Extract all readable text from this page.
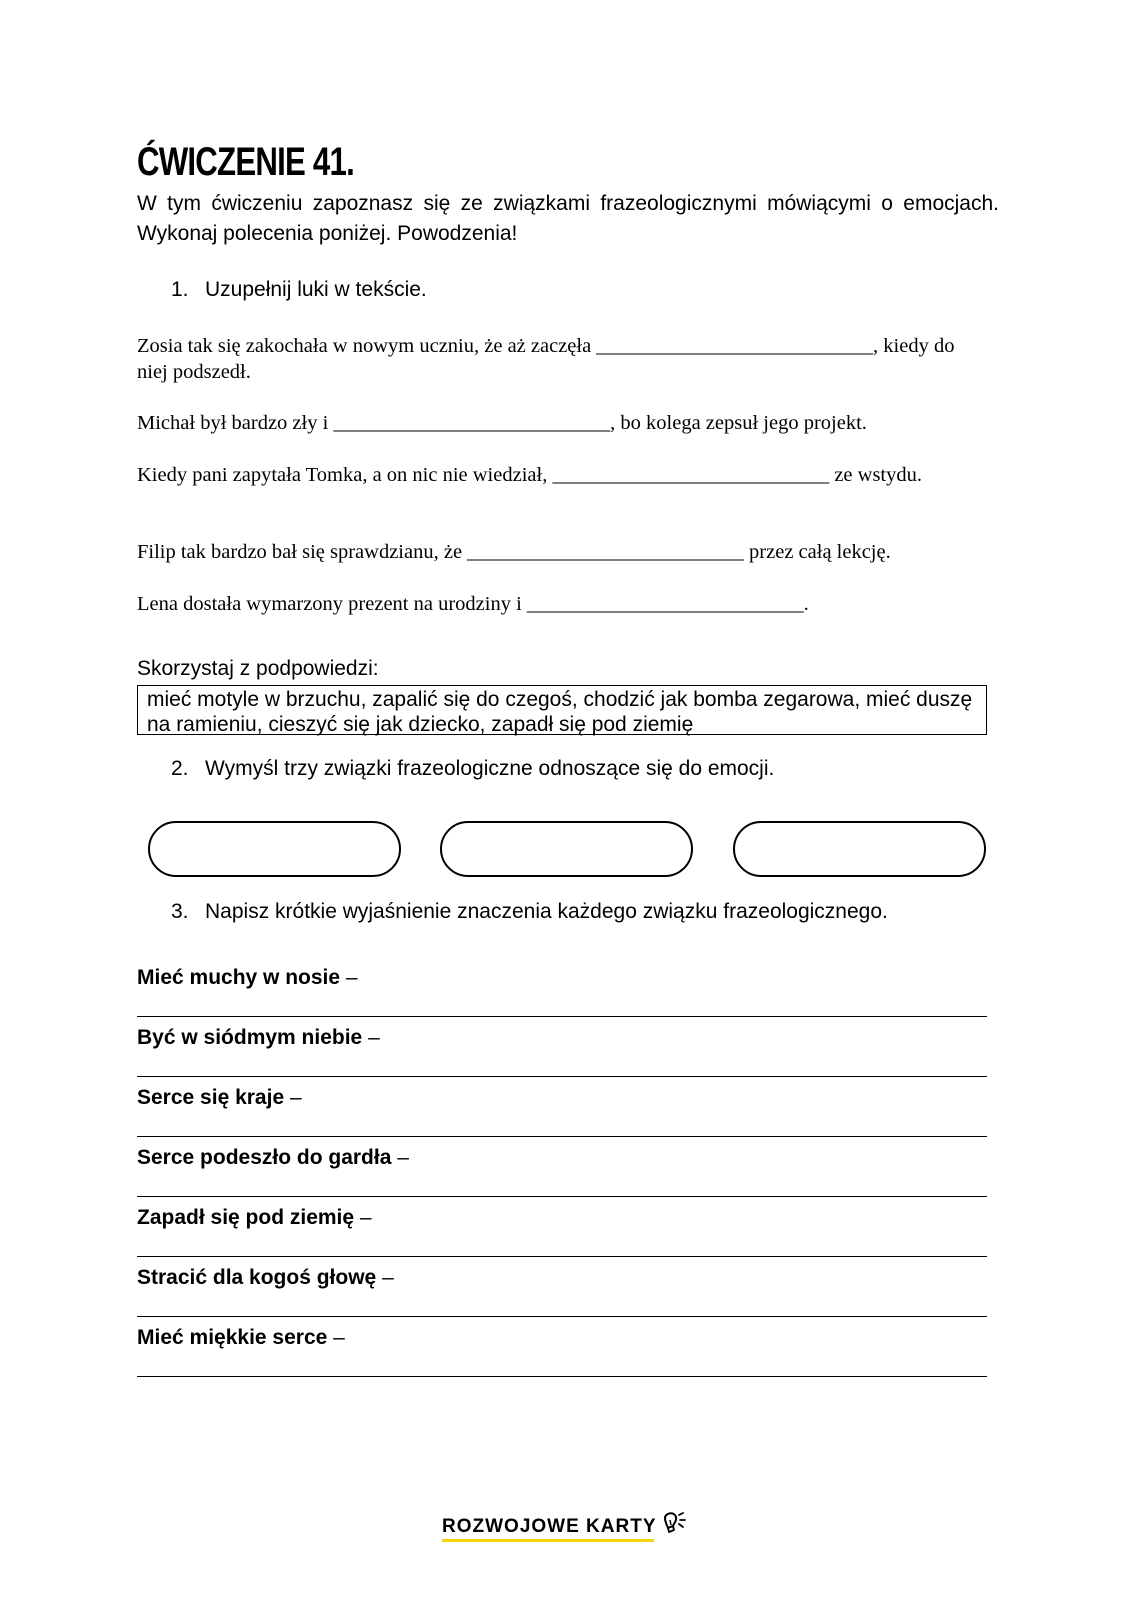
ĆWICZENIE 41.
W tym ćwiczeniu zapoznasz się ze związkami frazeologicznymi mówiącymi o emocjach. Wykonaj polecenia poniżej. Powodzenia!
1. Uzupełnij luki w tekście.
Zosia tak się zakochała w nowym uczniu, że aż zaczęła ___________________________, kiedy do niej podszedł.
Michał był bardzo zły i ___________________________, bo kolega zepsuł jego projekt.
Kiedy pani zapytała Tomka, a on nic nie wiedział, ___________________________ ze wstydu.
Filip tak bardzo bał się sprawdzianu, że ___________________________ przez całą lekcję.
Lena dostała wymarzony prezent na urodziny i ___________________________.
Skorzystaj z podpowiedzi:
mieć motyle w brzuchu, zapalić się do czegoś, chodzić jak bomba zegarowa, mieć duszę na ramieniu, cieszyć się jak dziecko, zapadł się pod ziemię
2. Wymyśl trzy związki frazeologiczne odnoszące się do emocji.
3. Napisz krótkie wyjaśnienie znaczenia każdego związku frazeologicznego.
Mieć muchy w nosie –
Być w siódmym niebie –
Serce się kraje –
Serce podeszło do gardła –
Zapadł się pod ziemię –
Stracić dla kogoś głowę –
Mieć miękkie serce –
ROZWOJOWE KARTY
